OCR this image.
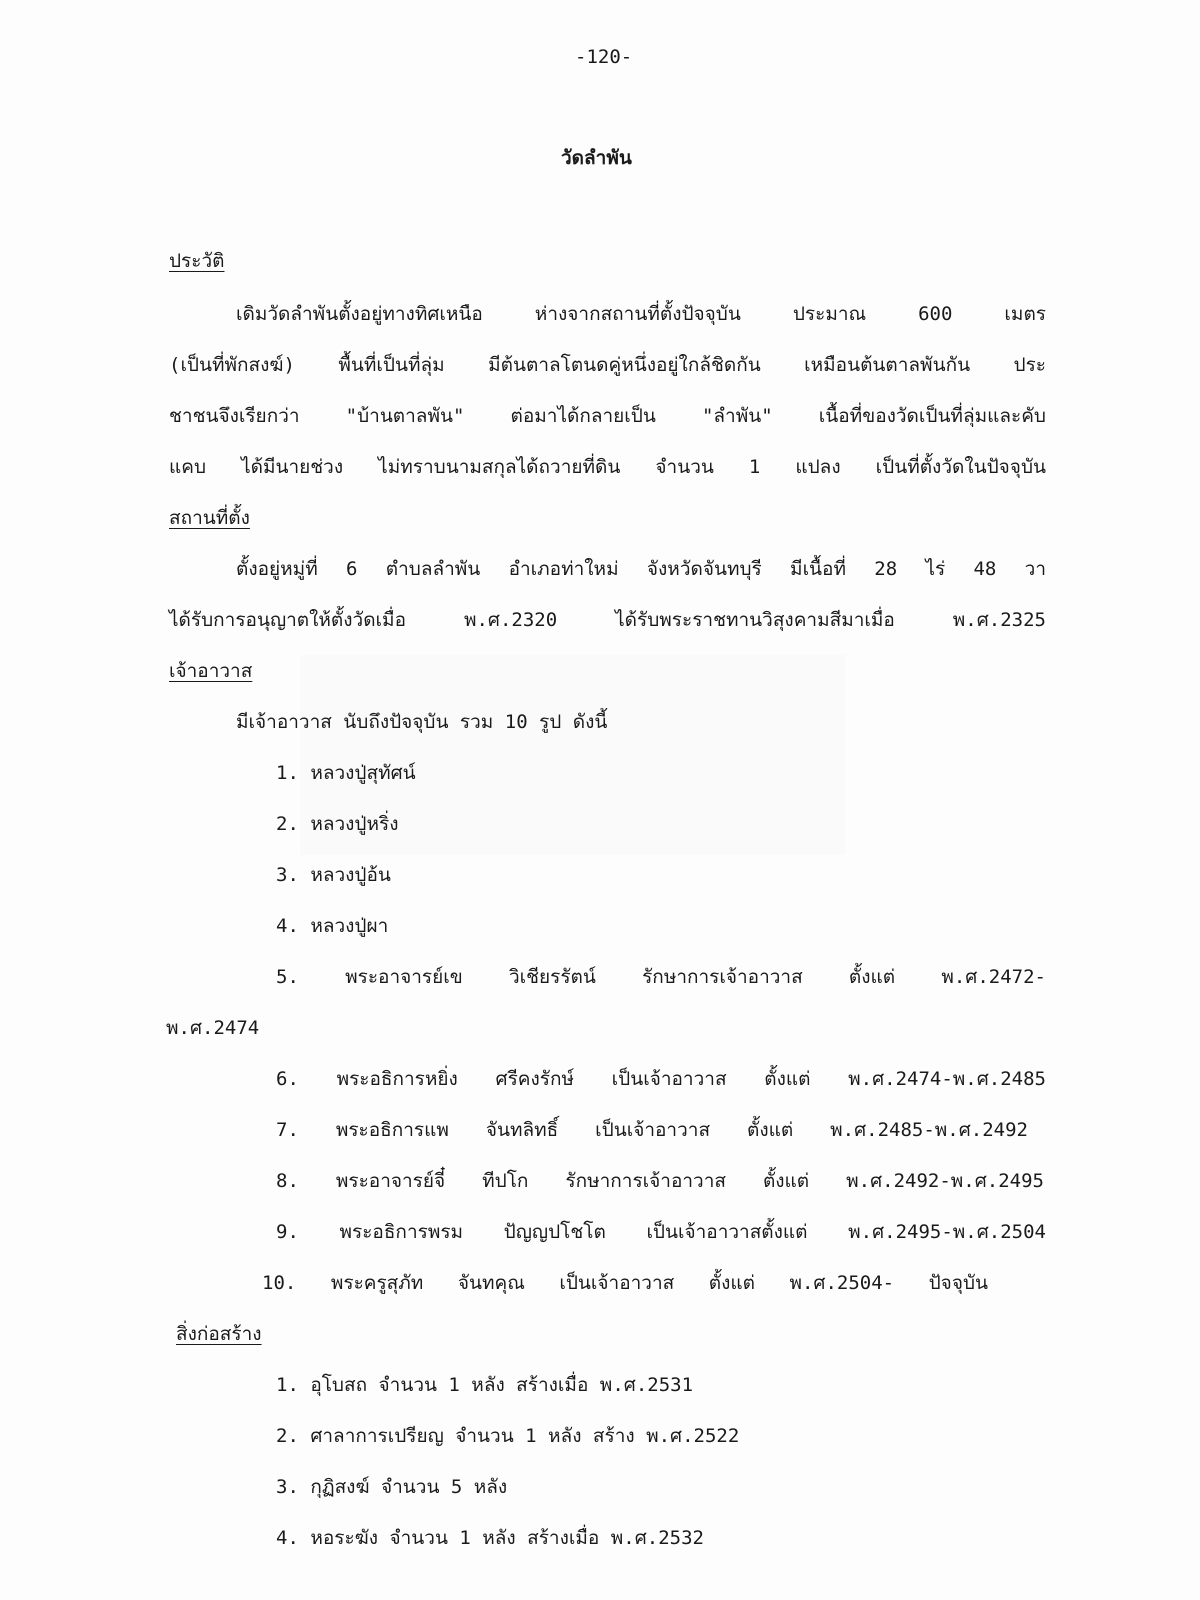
-120-
วัดลำพัน
ประวัติ
เดิมวัดลำพันตั้งอยู่ทางทิศเหนือ ห่างจากสถานที่ตั้งปัจจุบัน ประมาณ 600 เมตร
(เป็นที่พักสงฆ์) พื้นที่เป็นที่ลุ่ม มีต้นตาลโตนดคู่หนึ่งอยู่ใกล้ชิดกัน เหมือนต้นตาลพันกัน ประ
ชาชนจึงเรียกว่า "บ้านตาลพัน" ต่อมาได้กลายเป็น "ลำพัน" เนื้อที่ของวัดเป็นที่ลุ่มและคับ
แคบ ได้มีนายช่วง ไม่ทราบนามสกุลได้ถวายที่ดิน จำนวน 1 แปลง เป็นที่ตั้งวัดในปัจจุบัน
สถานที่ตั้ง
ตั้งอยู่หมู่ที่ 6 ตำบลลำพัน อำเภอท่าใหม่ จังหวัดจันทบุรี มีเนื้อที่ 28 ไร่ 48 วา
ได้รับการอนุญาตให้ตั้งวัดเมื่อ พ.ศ.2320 ได้รับพระราชทานวิสุงคามสีมาเมื่อ พ.ศ.2325
เจ้าอาวาส
มีเจ้าอาวาส นับถึงปัจจุบัน รวม 10 รูป ดังนี้
1. หลวงปู่สุทัศน์
2. หลวงปู่หริ่ง
3. หลวงปู่อ้น
4. หลวงปู่ผา
5. พระอาจารย์เข วิเชียรรัตน์ รักษาการเจ้าอาวาส ตั้งแต่ พ.ศ.2472-
พ.ศ.2474
6. พระอธิการหยิ่ง ศรีคงรักษ์ เป็นเจ้าอาวาส ตั้งแต่ พ.ศ.2474-พ.ศ.2485
7. พระอธิการแพ จันทลิทธิ์ เป็นเจ้าอาวาส ตั้งแต่ พ.ศ.2485-พ.ศ.2492
8. พระอาจารย์จี๋ ทีปโก รักษาการเจ้าอาวาส ตั้งแต่ พ.ศ.2492-พ.ศ.2495
9. พระอธิการพรม ปัญญปโชโต เป็นเจ้าอาวาสตั้งแต่ พ.ศ.2495-พ.ศ.2504
10. พระครูสุภัท จันทคุณ เป็นเจ้าอาวาส ตั้งแต่ พ.ศ.2504- ปัจจุบัน
สิ่งก่อสร้าง
1. อุโบสถ จำนวน 1 หลัง สร้างเมื่อ พ.ศ.2531
2. ศาลาการเปรียญ จำนวน 1 หลัง สร้าง พ.ศ.2522
3. กุฏิสงฆ์ จำนวน 5 หลัง
4. หอระฆัง จำนวน 1 หลัง สร้างเมื่อ พ.ศ.2532
